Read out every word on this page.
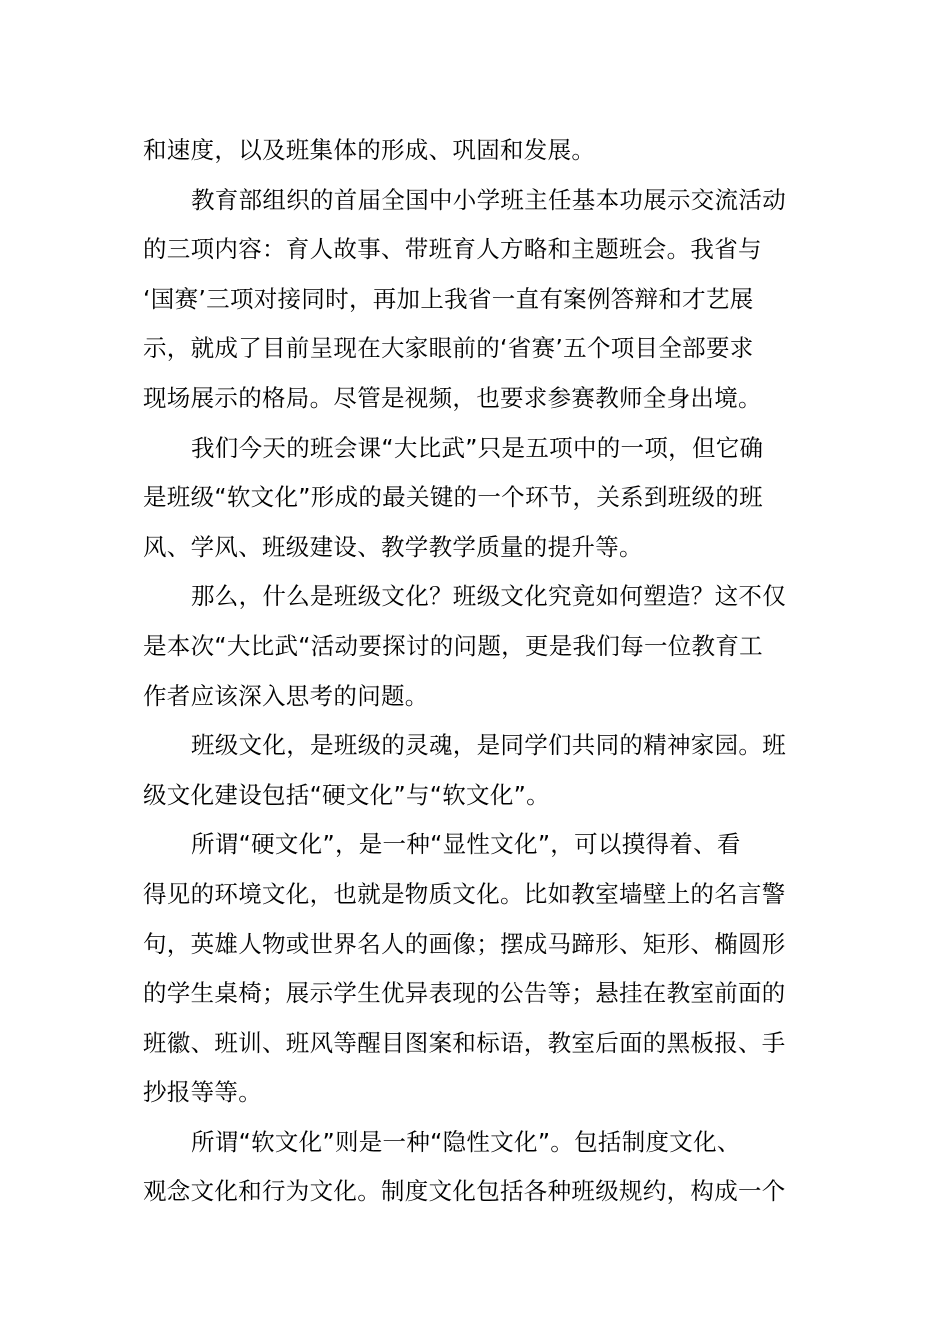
和速度，以及班集体的形成、巩固和发展。
教育部组织的首届全国中小学班主任基本功展示交流活动
的三项内容：育人故事、带班育人方略和主题班会。我省与
‘国赛’三项对接同时，再加上我省一直有案例答辩和才艺展
示，就成了目前呈现在大家眼前的‘省赛’五个项目全部要求
现场展示的格局。尽管是视频，也要求参赛教师全身出境。
我们今天的班会课“大比武”只是五项中的一项，但它确
是班级“软文化”形成的最关键的一个环节，关系到班级的班
风、学风、班级建设、教学教学质量的提升等。
那么，什么是班级文化？班级文化究竟如何塑造？这不仅
是本次“大比武“活动要探讨的问题，更是我们每一位教育工
作者应该深入思考的问题。
班级文化，是班级的灵魂，是同学们共同的精神家园。班
级文化建设包括“硬文化”与“软文化”。
所谓“硬文化”，是一种“显性文化”，可以摸得着、看
得见的环境文化，也就是物质文化。比如教室墙壁上的名言警
句，英雄人物或世界名人的画像；摆成马蹄形、矩形、椭圆形
的学生桌椅；展示学生优异表现的公告等；悬挂在教室前面的
班徽、班训、班风等醒目图案和标语，教室后面的黑板报、手
抄报等等。
所谓“软文化”则是一种“隐性文化”。包括制度文化、
观念文化和行为文化。制度文化包括各种班级规约，构成一个
